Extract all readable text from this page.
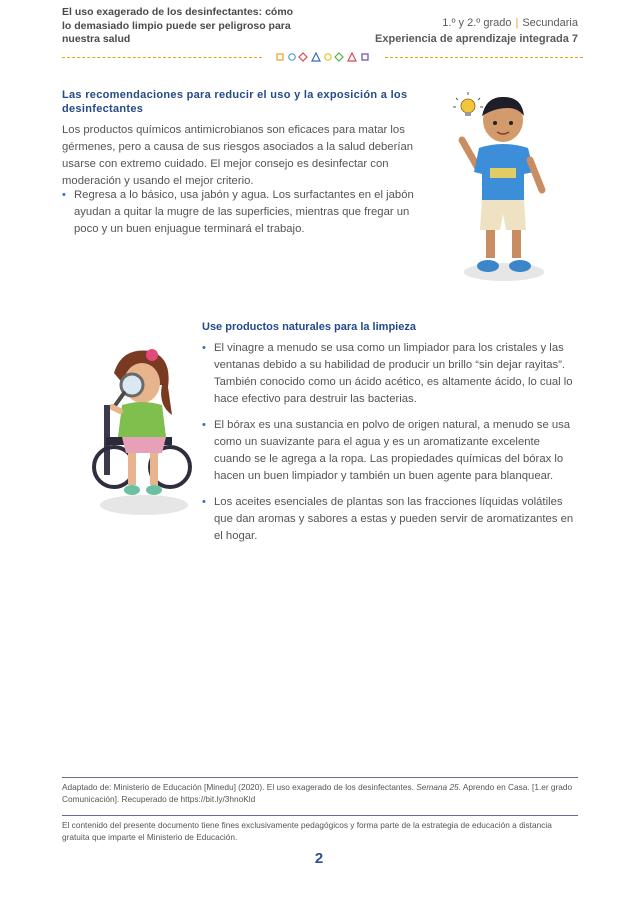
El uso exagerado de los desinfectantes: cómo lo demasiado limpio puede ser peligroso para nuestra salud
1.º y 2.º grado | Secundaria
Experiencia de aprendizaje integrada 7
Las recomendaciones para reducir el uso y la exposición a los desinfectantes
Los productos químicos antimicrobianos son eficaces para matar los gérmenes, pero a causa de sus riesgos asociados a la salud deberían usarse con extremo cuidado. El mejor consejo es desinfectar con moderación y usando el mejor criterio.
• Regresa a lo básico, usa jabón y agua. Los surfactantes en el jabón ayudan a quitar la mugre de las superficies, mientras que fregar un poco y un buen enjuague terminará el trabajo.
Use productos naturales para la limpieza
• El vinagre a menudo se usa como un limpiador para los cristales y las ventanas debido a su habilidad de producir un brillo “sin dejar rayitas”. También conocido como un ácido acético, es altamente ácido, lo cual lo hace efectivo para destruir las bacterias.
• El bórax es una sustancia en polvo de origen natural, a menudo se usa como un suavizante para el agua y es un aromatizante excelente cuando se le agrega a la ropa. Las propiedades químicas del bórax lo hacen un buen limpiador y también un buen agente para blanquear.
• Los aceites esenciales de plantas son las fracciones líquidas volátiles que dan aromas y sabores a estas y pueden servir de aromatizantes en el hogar.
Adaptado de: Ministerio de Educación [Minedu] (2020). El uso exagerado de los desinfectantes. Semana 25. Aprendo en Casa. [1.er grado Comunicación]. Recuperado de https://bit.ly/3hnoKld
El contenido del presente documento tiene fines exclusivamente pedagógicos y forma parte de la estrategia de educación a distancia gratuita que imparte el Ministerio de Educación.
2
